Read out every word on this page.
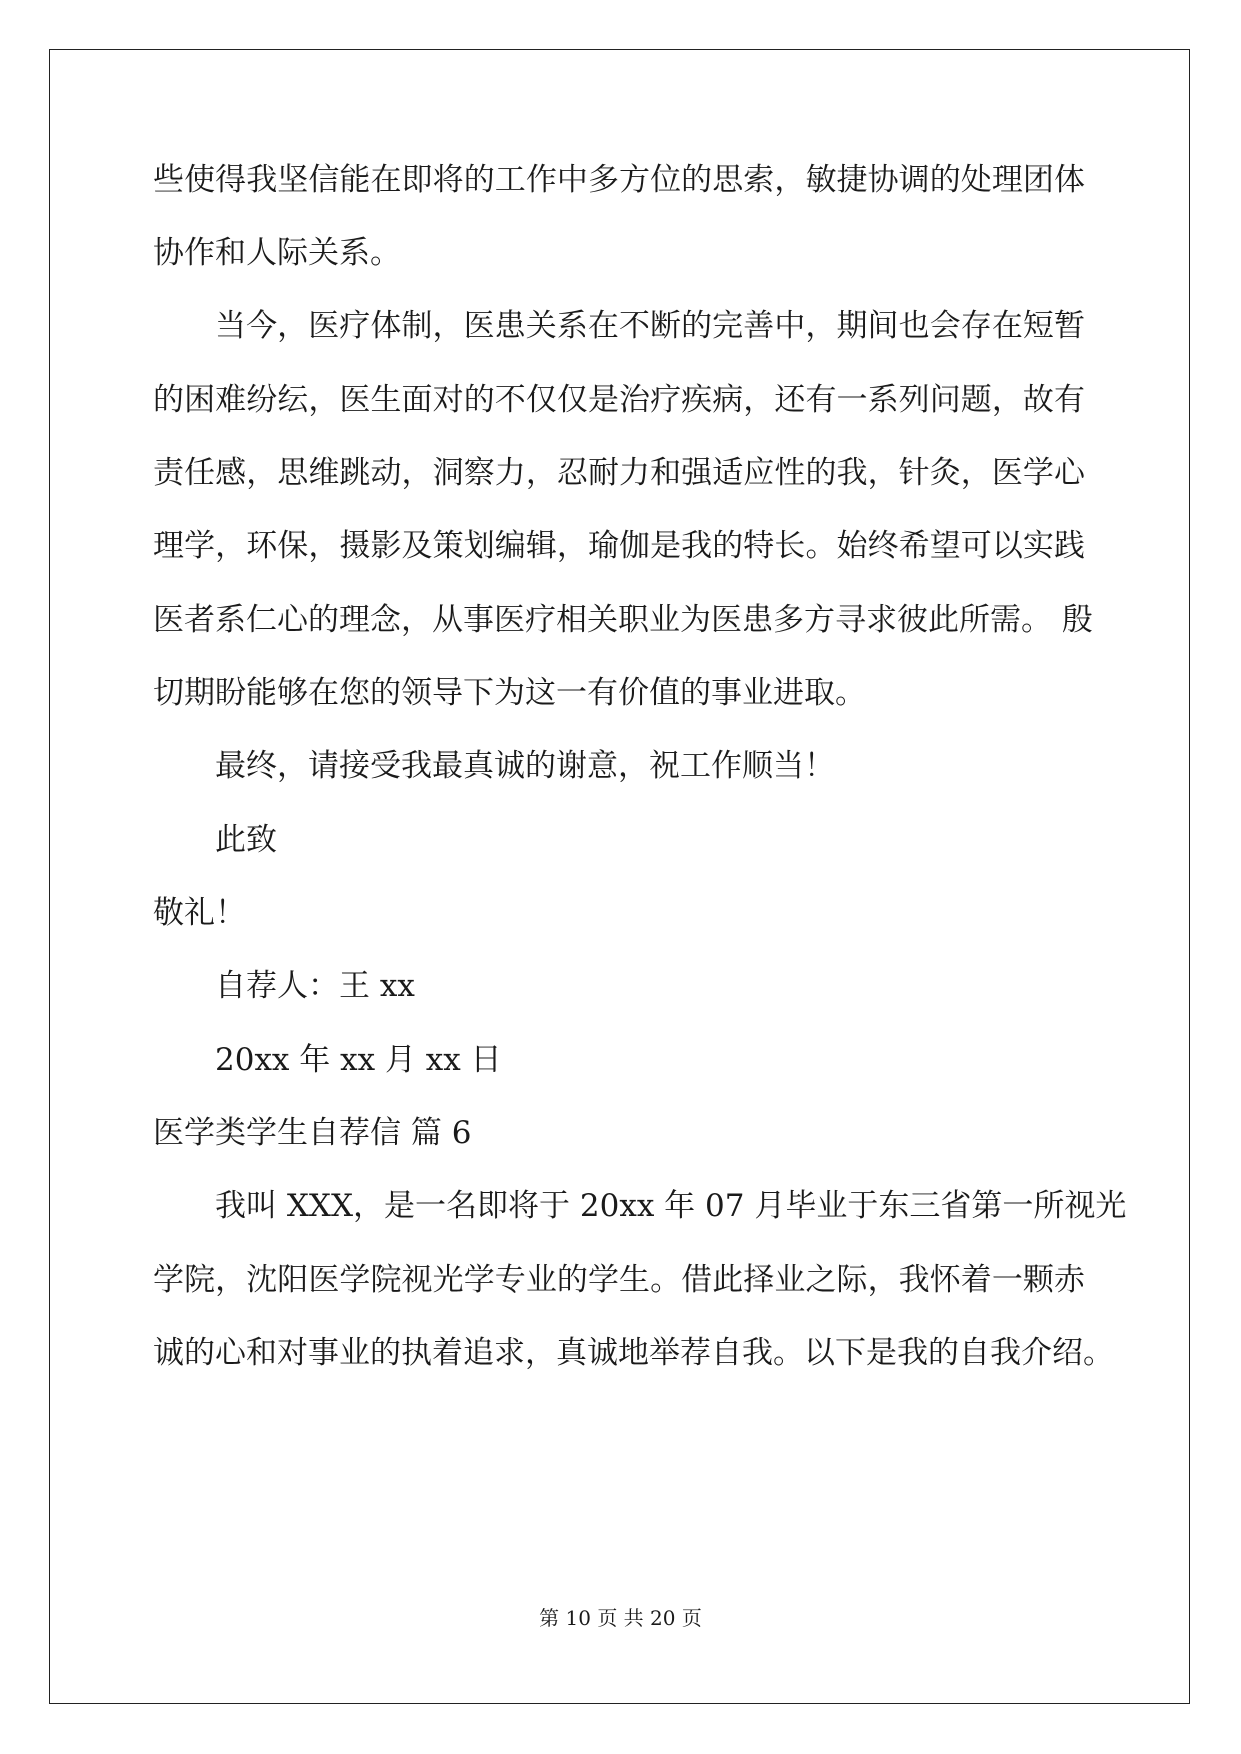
些使得我坚信能在即将的工作中多方位的思索，敏捷协调的处理团体
协作和人际关系。
当今，医疗体制，医患关系在不断的完善中，期间也会存在短暂
的困难纷纭，医生面对的不仅仅是治疗疾病，还有一系列问题，故有
责任感，思维跳动，洞察力，忍耐力和强适应性的我，针灸，医学心
理学，环保，摄影及策划编辑，瑜伽是我的特长。始终希望可以实践
医者系仁心的理念，从事医疗相关职业为医患多方寻求彼此所需。 殷
切期盼能够在您的领导下为这一有价值的事业进取。
最终，请接受我最真诚的谢意，祝工作顺当！
此致
敬礼！
自荐人：王 xx
20xx 年 xx 月 xx 日
医学类学生自荐信 篇 6
我叫 XXX，是一名即将于 20xx 年 07 月毕业于东三省第一所视光
学院，沈阳医学院视光学专业的学生。借此择业之际，我怀着一颗赤
诚的心和对事业的执着追求，真诚地举荐自我。以下是我的自我介绍。
第 10 页 共 20 页
